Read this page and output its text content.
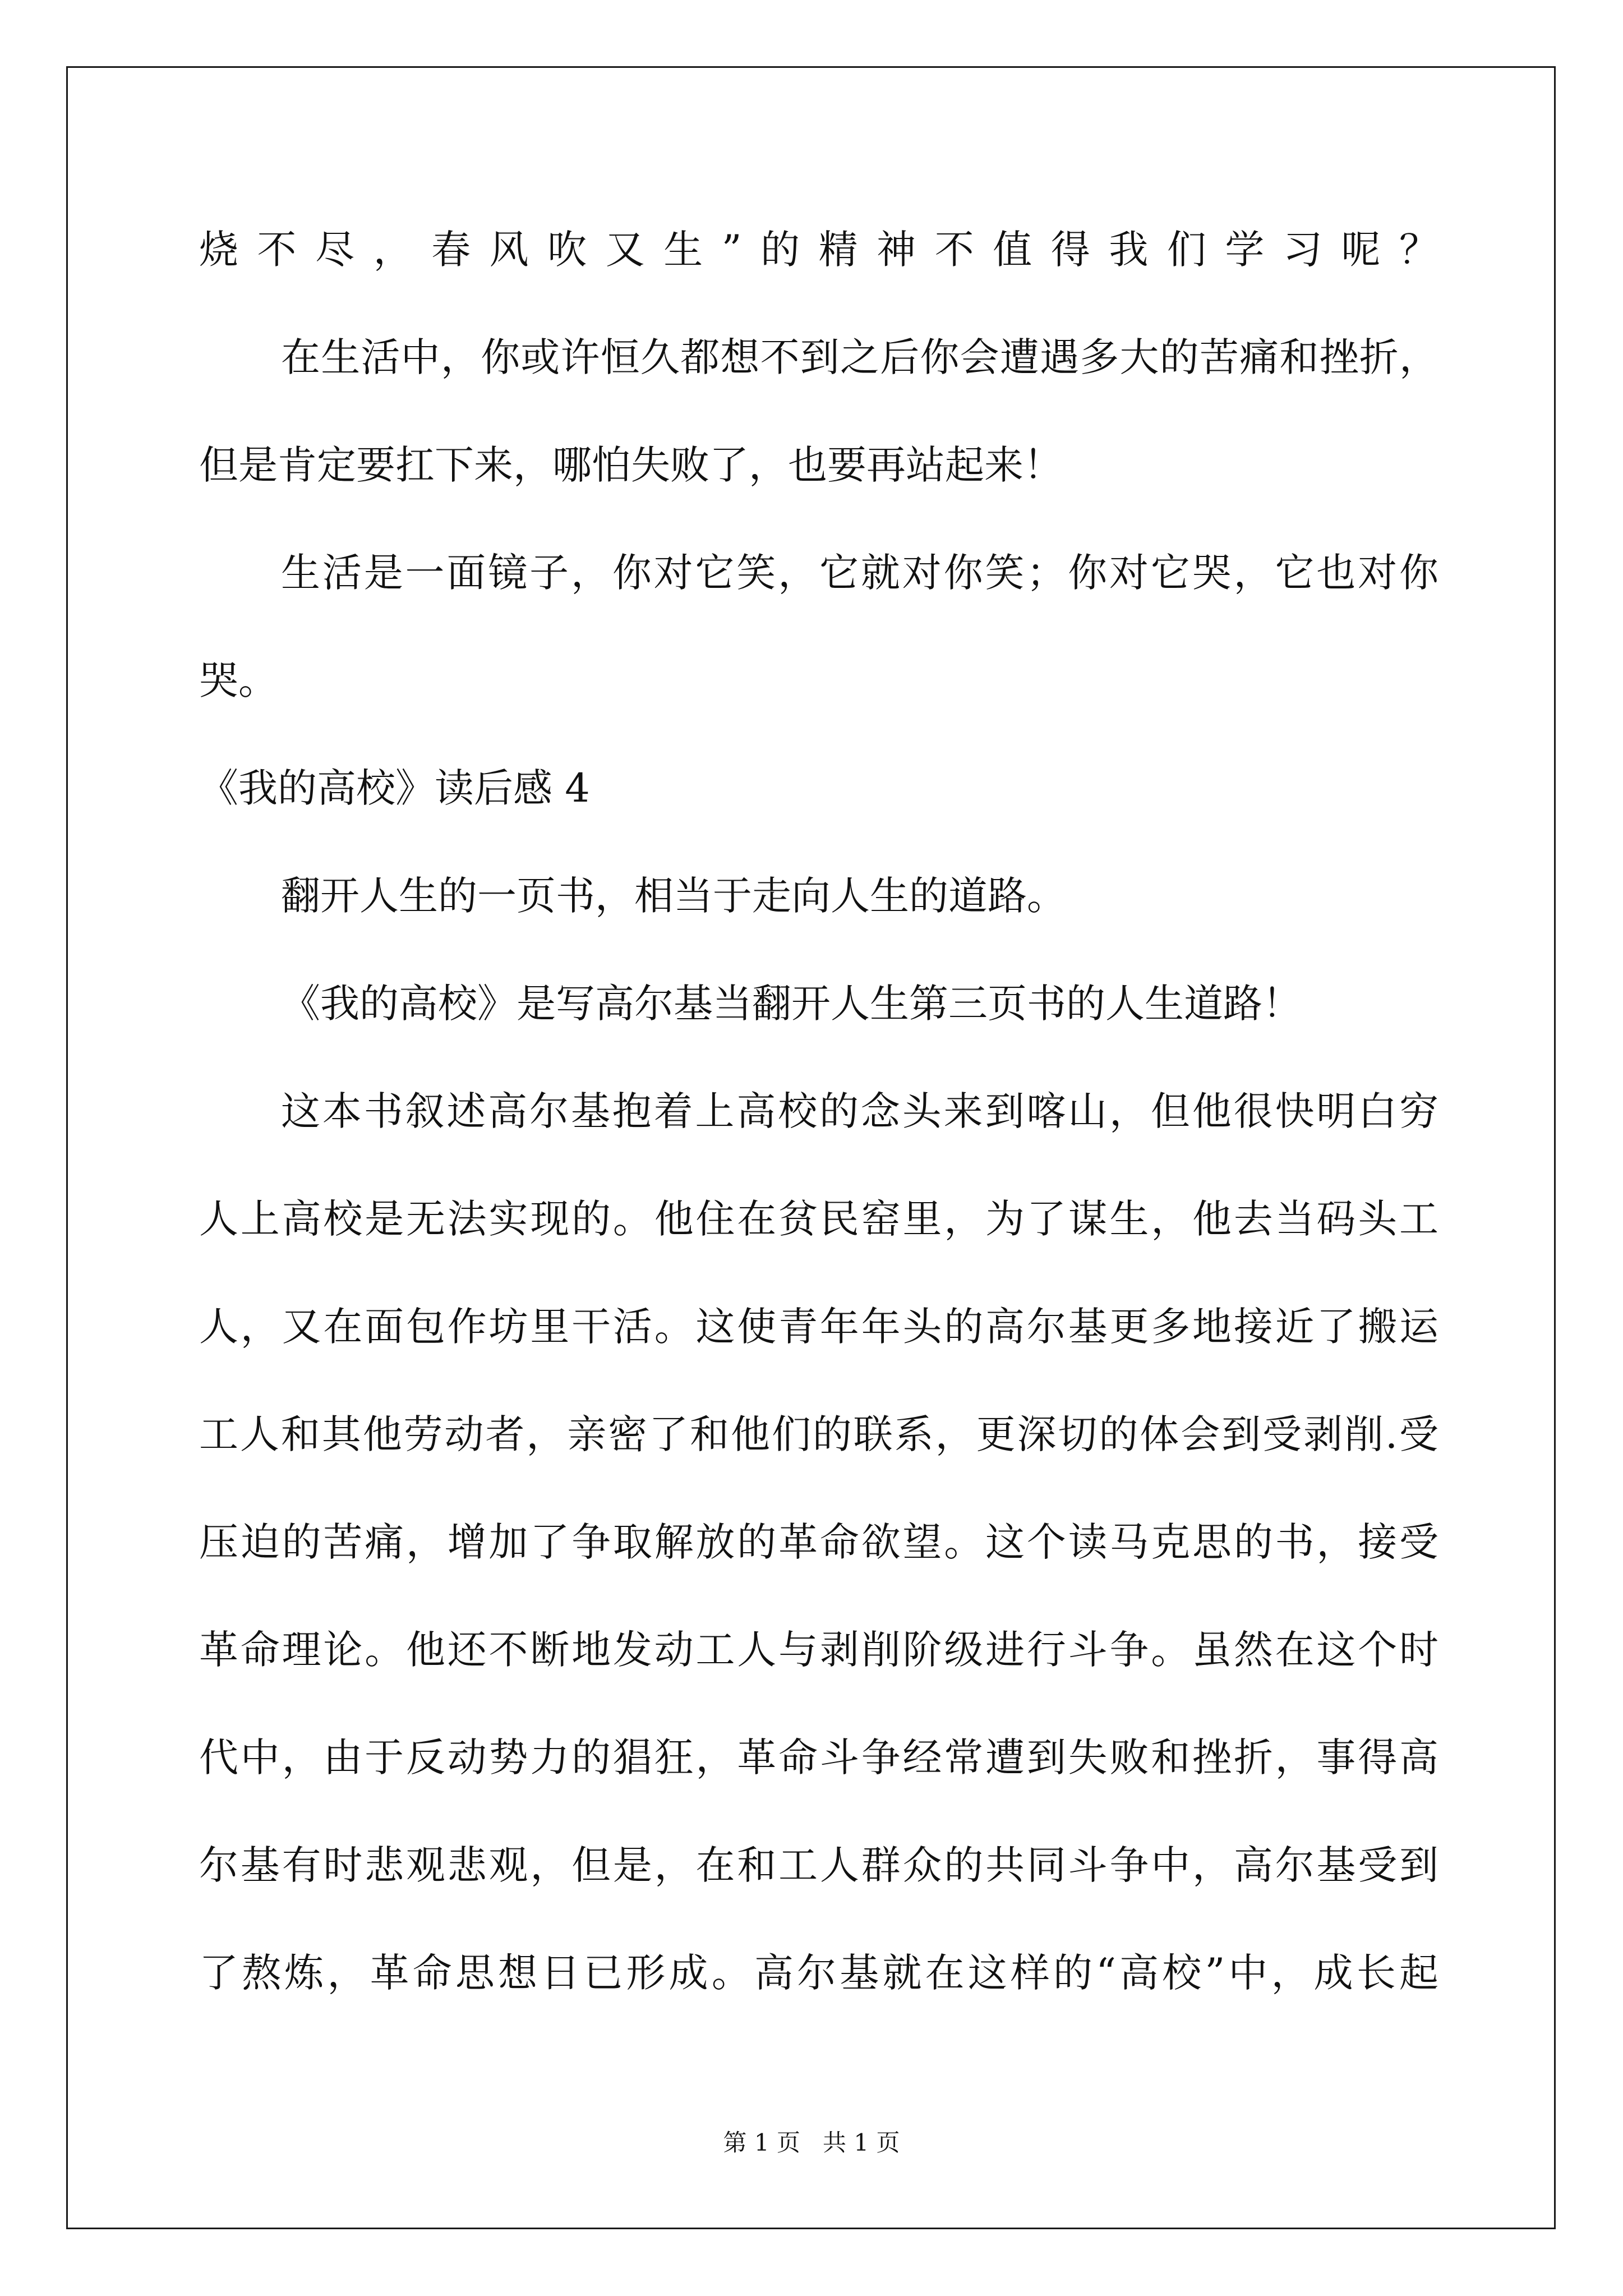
烧不尽，春风吹又生”的精神不值得我们学习呢？
在生活中，你或许恒久都想不到之后你会遭遇多大的苦痛和挫折，
但是肯定要扛下来，哪怕失败了，也要再站起来！
生活是一面镜子，你对它笑，它就对你笑；你对它哭，它也对你
哭。
《我的高校》读后感 4
翻开人生的一页书，相当于走向人生的道路。
《我的高校》是写高尔基当翻开人生第三页书的人生道路！
这本书叙述高尔基抱着上高校的念头来到喀山，但他很快明白穷
人上高校是无法实现的。他住在贫民窑里，为了谋生，他去当码头工
人，又在面包作坊里干活。这使青年年头的高尔基更多地接近了搬运
工人和其他劳动者，亲密了和他们的联系，更深切的体会到受剥削.受
压迫的苦痛，增加了争取解放的革命欲望。这个读马克思的书，接受
革命理论。他还不断地发动工人与剥削阶级进行斗争。虽然在这个时
代中，由于反动势力的猖狂，革命斗争经常遭到失败和挫折，事得高
尔基有时悲观悲观，但是，在和工人群众的共同斗争中，高尔基受到
了熬炼，革命思想日已形成。高尔基就在这样的“高校”中，成长起
第 1 页   共 1 页
